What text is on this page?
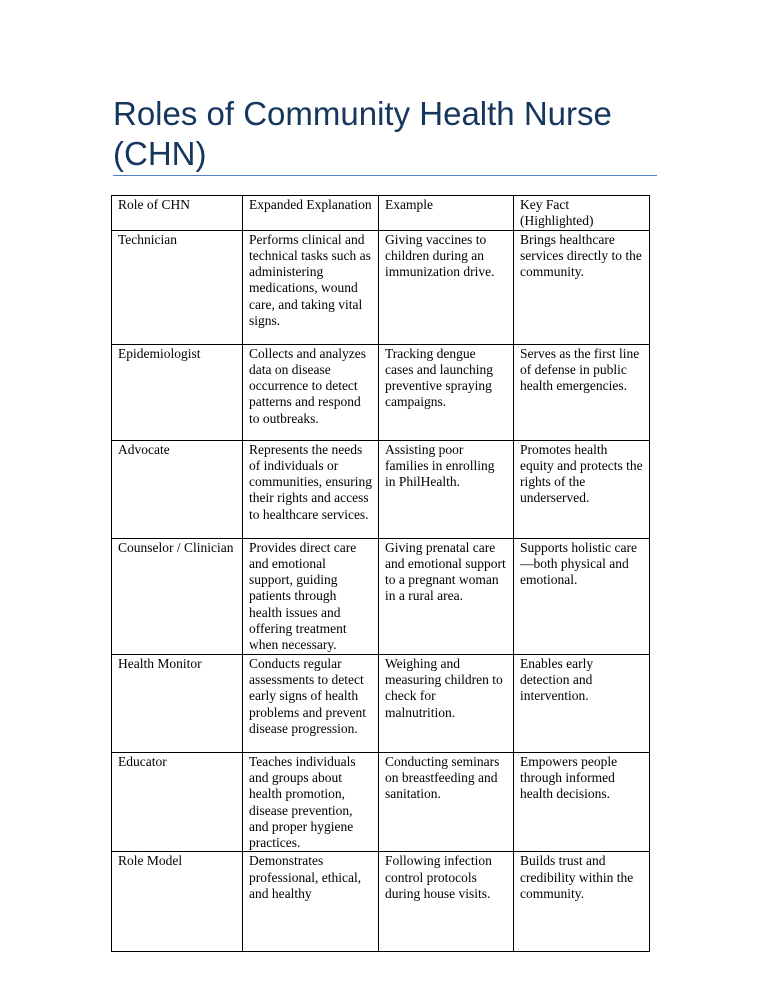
Roles of Community Health Nurse (CHN)
Role of CHN	Expanded Explanation	Example	Key Fact (Highlighted)
Technician	Performs clinical and technical tasks such as administering medications, wound care, and taking vital signs.	Giving vaccines to children during an immunization drive.	Brings healthcare services directly to the community.
Epidemiologist	Collects and analyzes data on disease occurrence to detect patterns and respond to outbreaks.	Tracking dengue cases and launching preventive spraying campaigns.	Serves as the first line of defense in public health emergencies.
Advocate	Represents the needs of individuals or communities, ensuring their rights and access to healthcare services.	Assisting poor families in enrolling in PhilHealth.	Promotes health equity and protects the rights of the underserved.
Counselor / Clinician	Provides direct care and emotional support, guiding patients through health issues and offering treatment when necessary.	Giving prenatal care and emotional support to a pregnant woman in a rural area.	Supports holistic care—both physical and emotional.
Health Monitor	Conducts regular assessments to detect early signs of health problems and prevent disease progression.	Weighing and measuring children to check for malnutrition.	Enables early detection and intervention.
Educator	Teaches individuals and groups about health promotion, disease prevention, and proper hygiene practices.	Conducting seminars on breastfeeding and sanitation.	Empowers people through informed health decisions.
Role Model	Demonstrates professional, ethical, and healthy	Following infection control protocols during house visits.	Builds trust and credibility within the community.
